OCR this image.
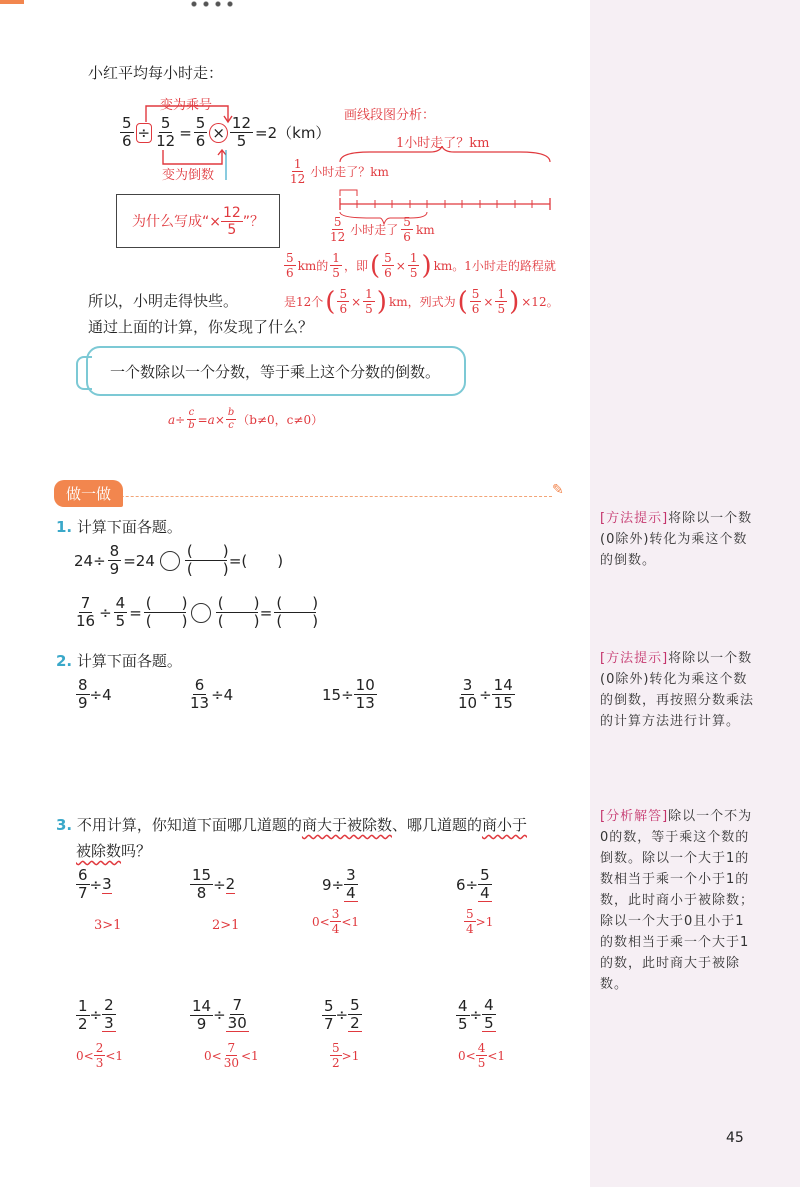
小红平均每小时走：
变为乘号
$\frac{5}{6} \div \frac{5}{12} = \frac{5}{6} \times \frac{12}{5} =2(km)$
变为倒数
为什么写成“× $\frac{12}{5}$ ”？
画线段图分析：
1小时走了？km
$\frac{1}{12}$ 小时走了？km
$\frac{5}{12}$ 小时走了 $\frac{5}{6}$ km
$\frac{5}{6}$ km的 $\frac{1}{5}$ ，即 ( $\frac{5}{6} \times \frac{1}{5}$ ) km。1小时走的路程就
是12个 ( $\frac{5}{6} \times \frac{1}{5}$ ) km，列式为 ( $\frac{5}{6} \times \frac{1}{5}$ ) ×12。
所以，小明走得快些。
通过上面的计算，你发现了什么？
一个数除以一个分数，等于乘上这个分数的倒数。
$a\div \frac{c}{b} =a\times \frac{b}{c} (b\ne 0$，c≠0）
做一做	✎
1. 计算下面各题。
$24\div \frac{8}{9} =24 \frac{( )}{( )}$ =(　　)
$\frac{7}{16} \div \frac{4}{5} = \frac{( )}{( )} \frac{( )}{( )} = \frac{( )}{( )}$
2. 计算下面各题。
$\frac{8}{9} \div 4$	$\frac{6}{13} \div 4$	$15\div \frac{10}{13}$	$\frac{3}{10} \div \frac{14}{15}$
3. 不用计算，你知道下面哪几道题的商大于被除数、哪几道题的商小于
被除数吗？
$\frac{6}{7} \div 3$
3>1
$\frac{15}{8} \div 2$
2>1
$9\div \frac{3}{4}$
$0< \frac{3}{4} <1$
$6\div \frac{5}{4}$
$\frac{5}{4} >1$
$\frac{1}{2} \div \frac{2}{3}$
$0< \frac{2}{3} <1$
$\frac{14}{9} \div \frac{7}{30}$
$0< \frac{7}{30} <1$
$\frac{5}{7} \div \frac{5}{2}$
$\frac{5}{2} >1$
$\frac{4}{5} \div \frac{4}{5}$
$0< \frac{4}{5} <1$
[方法提示]将除以一个数(0除外)转化为乘这个数的倒数。
[方法提示]将除以一个数(0除外)转化为乘这个数的倒数，再按照分数乘法的计算方法进行计算。
[分析解答]除以一个不为0的数，等于乘这个数的倒数。除以一个大于1的数相当于乘一个小于1的数，此时商小于被除数；除以一个大于0且小于1的数相当于乘一个大于1的数，此时商大于被除数。
45
